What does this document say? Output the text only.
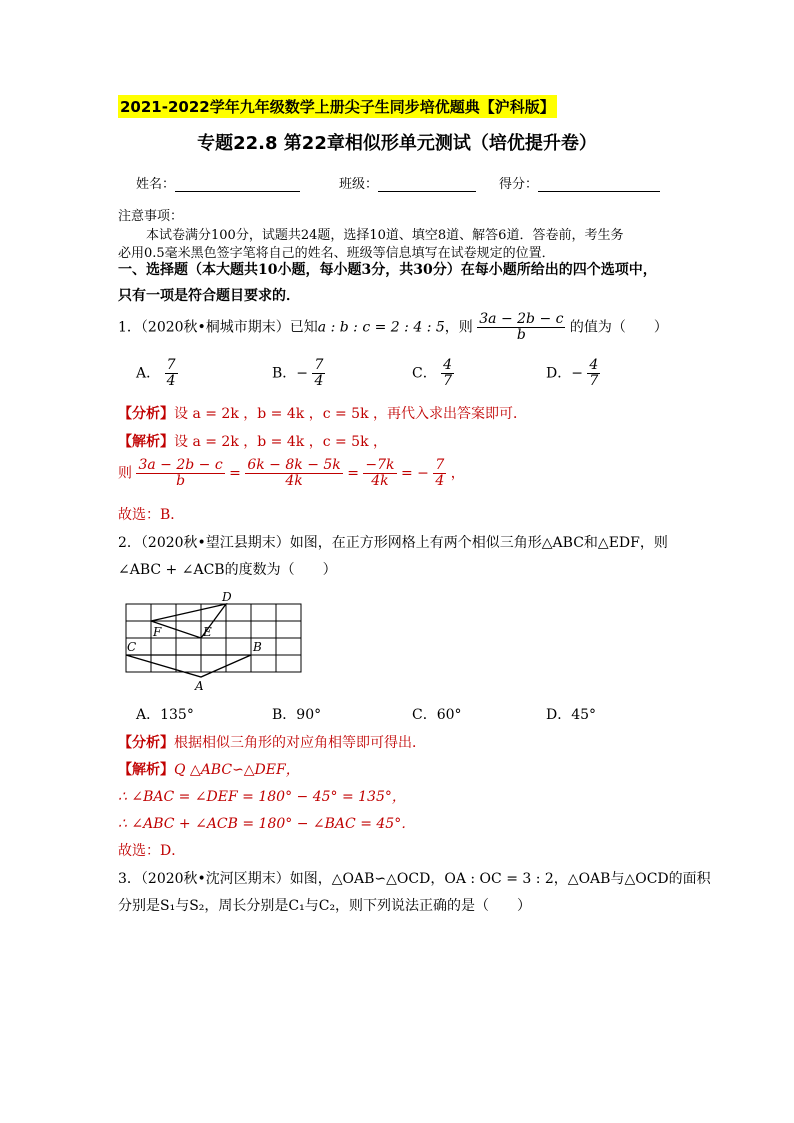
2021-2022学年九年级数学上册尖子生同步培优题典【沪科版】
专题22.8 第22章相似形单元测试（培优提升卷）
姓名：	班级：	得分：
注意事项：
本试卷满分100分，试题共24题，选择10道、填空8道、解答6道．答卷前，考生务
必用0.5毫米黑色签字笔将自己的姓名、班级等信息填写在试卷规定的位置．
一、选择题（本大题共10小题，每小题3分，共30分）在每小题所给出的四个选项中，
只有一项是符合题目要求的．
1．（2020秋•桐城市期末）已知a : b : c = 2 : 4 : 5，则 $\frac{3a - 2b - c}{b}$ 的值为（　　）
A． $\frac{7}{4}$	B．− $\frac{7}{4}$	C． $\frac{4}{7}$	D．− $\frac{4}{7}$
【分析】设 a = 2k ，b = 4k ，c = 5k ，再代入求出答案即可．
【解析】设 a = 2k ，b = 4k ，c = 5k ，
则 $\frac{3a - 2b - c}{b} = \frac{6k - 8k - 5k}{4k} = \frac{-7k}{4k}$ = − $\frac{7}{4}$ ，
故选：B．
2．（2020秋•望江县期末）如图，在正方形网格上有两个相似三角形△ABC和△EDF，则
∠ABC + ∠ACB的度数为（　　）
D
F	E
C	B
A
A．135°	B．90°	C．60°	D．45°
【分析】根据相似三角形的对应角相等即可得出．
【解析】Q △ABC∽△DEF，
∴ ∠BAC = ∠DEF = 180° − 45° = 135°，
∴ ∠ABC + ∠ACB = 180° − ∠BAC = 45°．
故选：D．
3．（2020秋•沈河区期末）如图，△OAB∽△OCD，OA : OC = 3 : 2，△OAB与△OCD的面积
分别是S₁与S₂，周长分别是C₁与C₂，则下列说法正确的是（　　）
